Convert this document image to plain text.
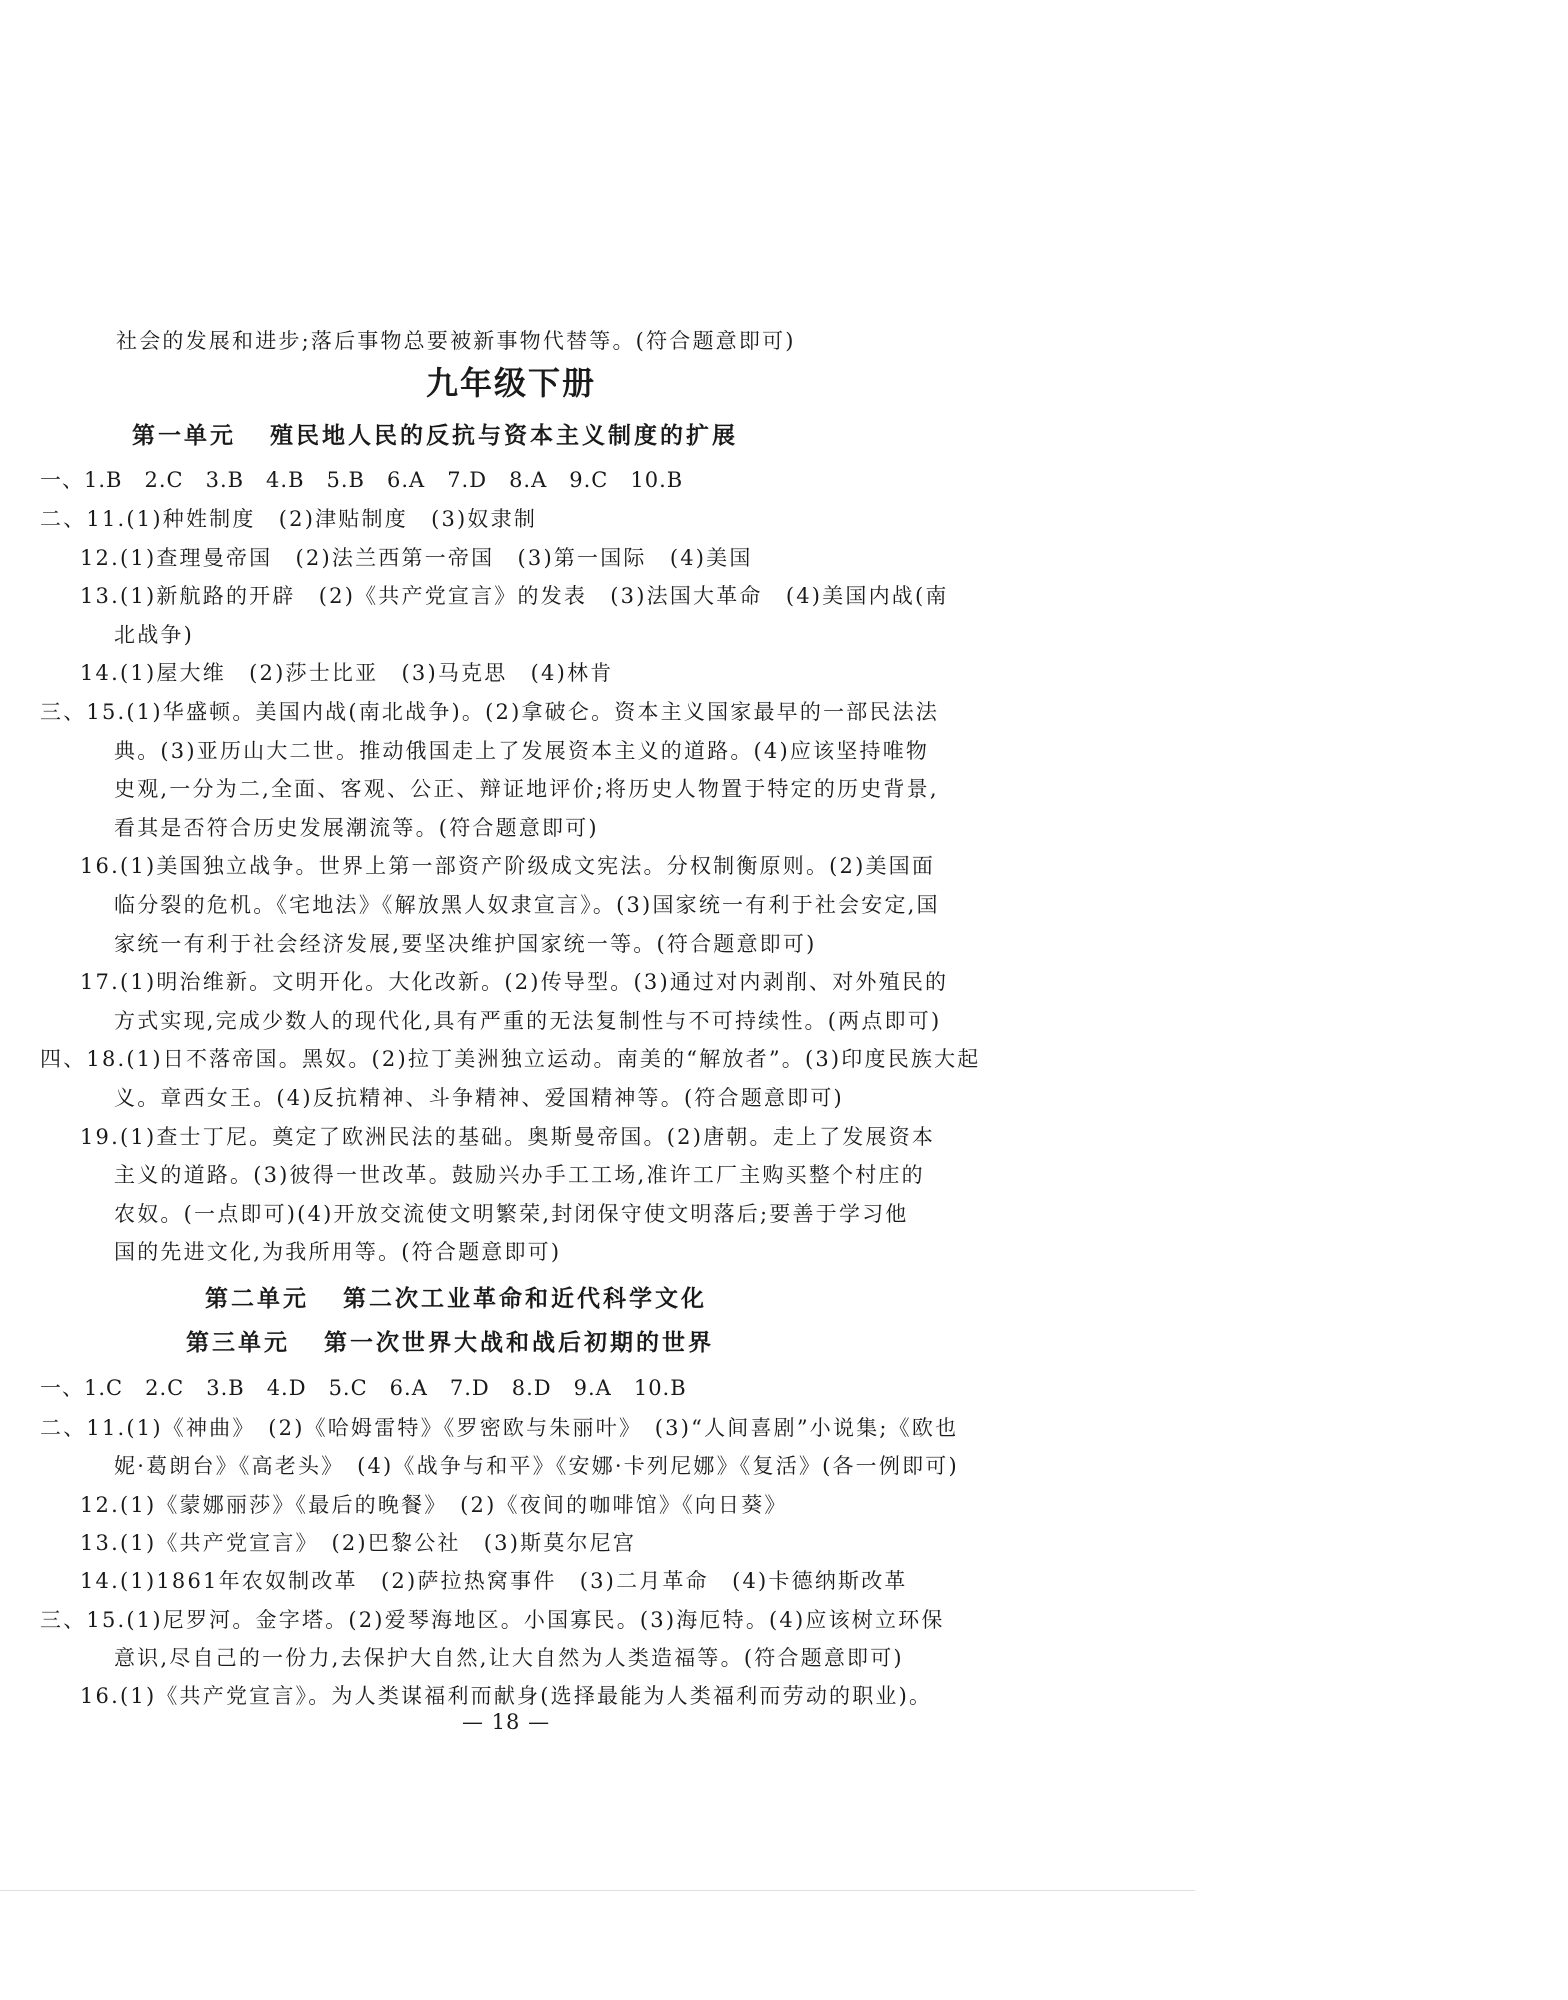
社会的发展和进步;落后事物总要被新事物代替等。(符合题意即可)
九年级下册
第一单元 殖民地人民的反抗与资本主义制度的扩展
一、1.B 2.C 3.B 4.B 5.B 6.A 7.D 8.A 9.C 10.B
二、11.(1)种姓制度　(2)津贴制度　(3)奴隶制
12.(1)查理曼帝国　(2)法兰西第一帝国　(3)第一国际　(4)美国
13.(1)新航路的开辟　(2)《共产党宣言》的发表　(3)法国大革命　(4)美国内战(南
北战争)
14.(1)屋大维　(2)莎士比亚　(3)马克思　(4)林肯
三、15.(1)华盛顿。美国内战(南北战争)。(2)拿破仑。资本主义国家最早的一部民法法
典。(3)亚历山大二世。推动俄国走上了发展资本主义的道路。(4)应该坚持唯物
史观,一分为二,全面、客观、公正、辩证地评价;将历史人物置于特定的历史背景,
看其是否符合历史发展潮流等。(符合题意即可)
16.(1)美国独立战争。世界上第一部资产阶级成文宪法。分权制衡原则。(2)美国面
临分裂的危机。《宅地法》《解放黑人奴隶宣言》。(3)国家统一有利于社会安定,国
家统一有利于社会经济发展,要坚决维护国家统一等。(符合题意即可)
17.(1)明治维新。文明开化。大化改新。(2)传导型。(3)通过对内剥削、对外殖民的
方式实现,完成少数人的现代化,具有严重的无法复制性与不可持续性。(两点即可)
四、18.(1)日不落帝国。黑奴。(2)拉丁美洲独立运动。南美的“解放者”。(3)印度民族大起
义。章西女王。(4)反抗精神、斗争精神、爱国精神等。(符合题意即可)
19.(1)查士丁尼。奠定了欧洲民法的基础。奥斯曼帝国。(2)唐朝。走上了发展资本
主义的道路。(3)彼得一世改革。鼓励兴办手工工场,准许工厂主购买整个村庄的
农奴。(一点即可)(4)开放交流使文明繁荣,封闭保守使文明落后;要善于学习他
国的先进文化,为我所用等。(符合题意即可)
第二单元 第二次工业革命和近代科学文化
第三单元 第一次世界大战和战后初期的世界
一、1.C 2.C 3.B 4.D 5.C 6.A 7.D 8.D 9.A 10.B
二、11.(1)《神曲》　(2)《哈姆雷特》《罗密欧与朱丽叶》　(3)“人间喜剧”小说集;《欧也
妮·葛朗台》《高老头》　(4)《战争与和平》《安娜·卡列尼娜》《复活》(各一例即可)
12.(1)《蒙娜丽莎》《最后的晚餐》　(2)《夜间的咖啡馆》《向日葵》
13.(1)《共产党宣言》　(2)巴黎公社　(3)斯莫尔尼宫
14.(1)1861年农奴制改革　(2)萨拉热窝事件　(3)二月革命　(4)卡德纳斯改革
三、15.(1)尼罗河。金字塔。(2)爱琴海地区。小国寡民。(3)海厄特。(4)应该树立环保
意识,尽自己的一份力,去保护大自然,让大自然为人类造福等。(符合题意即可)
16.(1)《共产党宣言》。为人类谋福利而献身(选择最能为人类福利而劳动的职业)。
— 18 —
